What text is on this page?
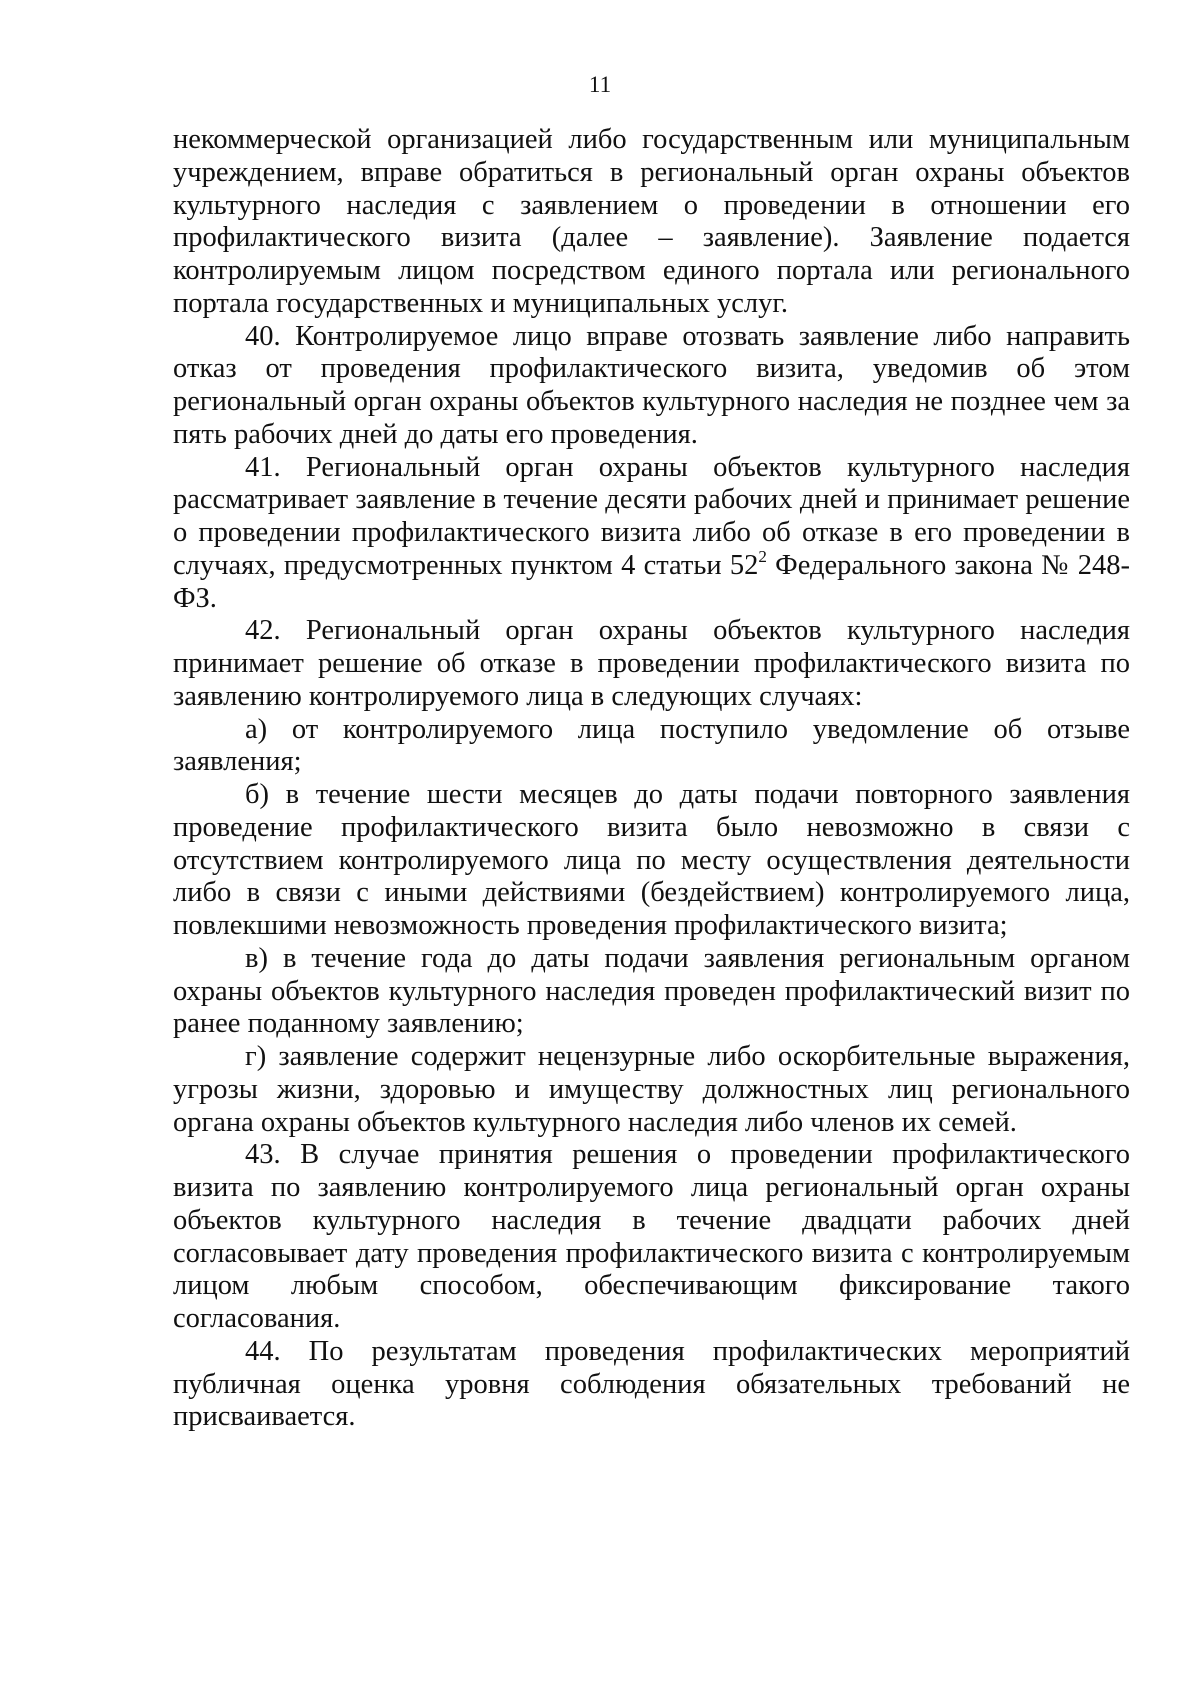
11

некоммерческой организацией либо государственным или муниципальным учреждением, вправе обратиться в региональный орган охраны объектов культурного наследия с заявлением о проведении в отношении его профилактического визита (далее – заявление). Заявление подается контролируемым лицом посредством единого портала или регионального портала государственных и муниципальных услуг.

40. Контролируемое лицо вправе отозвать заявление либо направить отказ от проведения профилактического визита, уведомив об этом региональный орган охраны объектов культурного наследия не позднее чем за пять рабочих дней до даты его проведения.

41. Региональный орган охраны объектов культурного наследия рассматривает заявление в течение десяти рабочих дней и принимает решение о проведении профилактического визита либо об отказе в его проведении в случаях, предусмотренных пунктом 4 статьи $52^2$ Федерального закона № 248-ФЗ.

42. Региональный орган охраны объектов культурного наследия принимает решение об отказе в проведении профилактического визита по заявлению контролируемого лица в следующих случаях:

а) от контролируемого лица поступило уведомление об отзыве заявления;

б) в течение шести месяцев до даты подачи повторного заявления проведение профилактического визита было невозможно в связи с отсутствием контролируемого лица по месту осуществления деятельности либо в связи с иными действиями (бездействием) контролируемого лица, повлекшими невозможность проведения профилактического визита;

в) в течение года до даты подачи заявления региональным органом охраны объектов культурного наследия проведен профилактический визит по ранее поданному заявлению;

г) заявление содержит нецензурные либо оскорбительные выражения, угрозы жизни, здоровью и имуществу должностных лиц регионального органа охраны объектов культурного наследия либо членов их семей.

43. В случае принятия решения о проведении профилактического визита по заявлению контролируемого лица региональный орган охраны объектов культурного наследия в течение двадцати рабочих дней согласовывает дату проведения профилактического визита с контролируемым лицом любым способом, обеспечивающим фиксирование такого согласования.

44. По результатам проведения профилактических мероприятий публичная оценка уровня соблюдения обязательных требований не присваивается.
